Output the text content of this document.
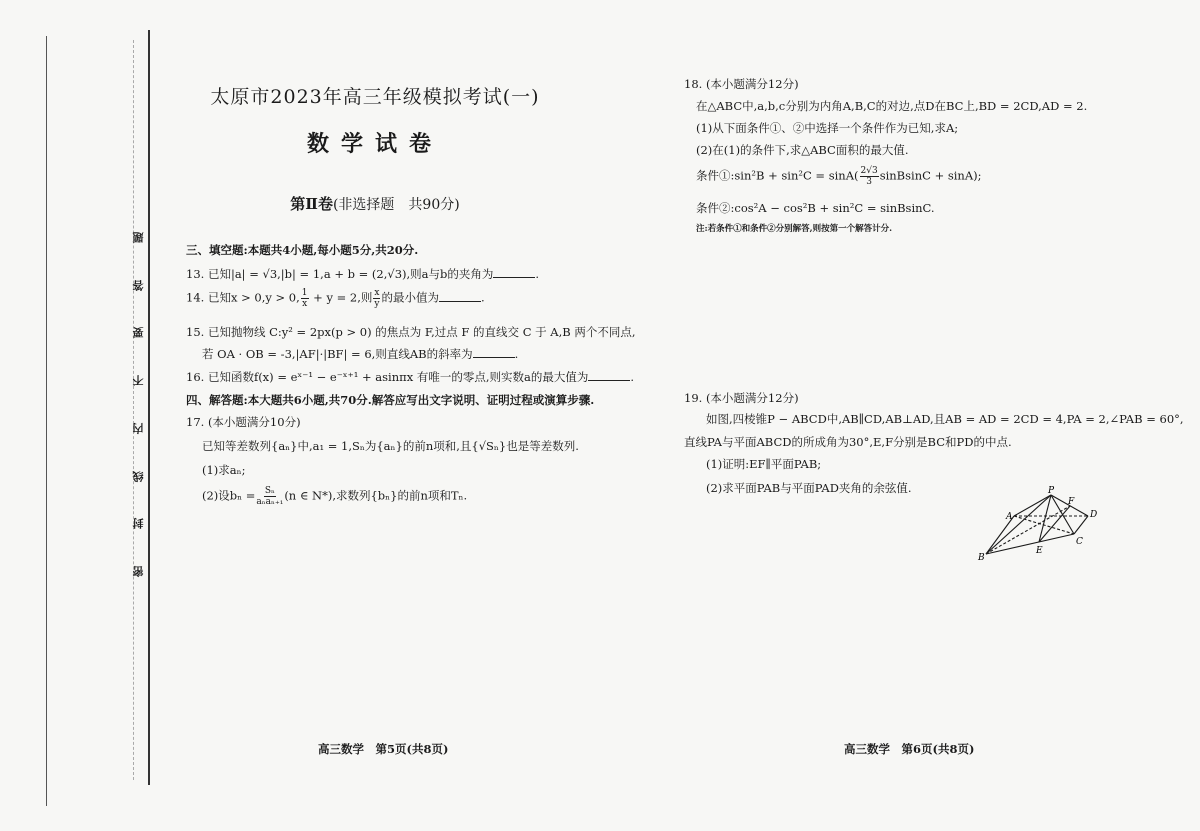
题
答
要
不
内
线
封
密
太原市2023年高三年级模拟考试(一)
数学试卷
第Ⅱ卷(非选择题　共90分)
三、填空题:本题共4小题,每小题5分,共20分.
13. 已知|a| = √3,|b| = 1,a + b = (2,√3),则a与b的夹角为	.
14. 已知x > 0,y > 0, $\frac{1}{x} + y = 2$,则 $\frac{x}{y}$ 的最小值为	.
15. 已知抛物线 C:y² = 2px(p > 0) 的焦点为 F,过点 F 的直线交 C 于 A,B 两个不同点,
若 OA · OB = -3,|AF|·|BF| = 6,则直线AB的斜率为	.
16. 已知函数f(x) = eˣ⁻¹ − e⁻ˣ⁺¹ + asinπx 有唯一的零点,则实数a的最大值为	.
四、解答题:本大题共6小题,共70分.解答应写出文字说明、证明过程或演算步骤.
17. (本小题满分10分)
已知等差数列{aₙ}中,a₁ = 1,Sₙ为{aₙ}的前n项和,且{√Sₙ}也是等差数列.
(1)求aₙ;
(2)设$b_n = \frac{\text{Sₙ}}{\text{aₙaₙ₊₁}} (n$ ∈ N*),求数列{bₙ}的前n项和Tₙ.
高三数学　第5页(共8页)
18. (本小题满分12分)
在△ABC中,a,b,c分别为内角A,B,C的对边,点D在BC上,BD = 2CD,AD = 2.
(1)从下面条件①、②中选择一个条件作为已知,求A;
(2)在(1)的条件下,求△ABC面积的最大值.
条件①:sin²B + $\sin^2C = \sin A( \frac{2√3}{3}$ sinBsinC + sinA);
条件②:cos²A − cos²B + sin²C = sinBsinC.
注:若条件①和条件②分别解答,则按第一个解答计分.
19. (本小题满分12分)
如图,四棱锥P − ABCD中,AB∥CD,AB⊥AD,且AB = AD = 2CD = 4,PA = 2,∠PAB = 60°,
直线PA与平面ABCD的所成角为30°,E,F分别是BC和PD的中点.
(1)证明:EF∥平面PAB;
(2)求平面PAB与平面PAD夹角的余弦值.	P
F
A	D
C
B
E
高三数学　第6页(共8页)
